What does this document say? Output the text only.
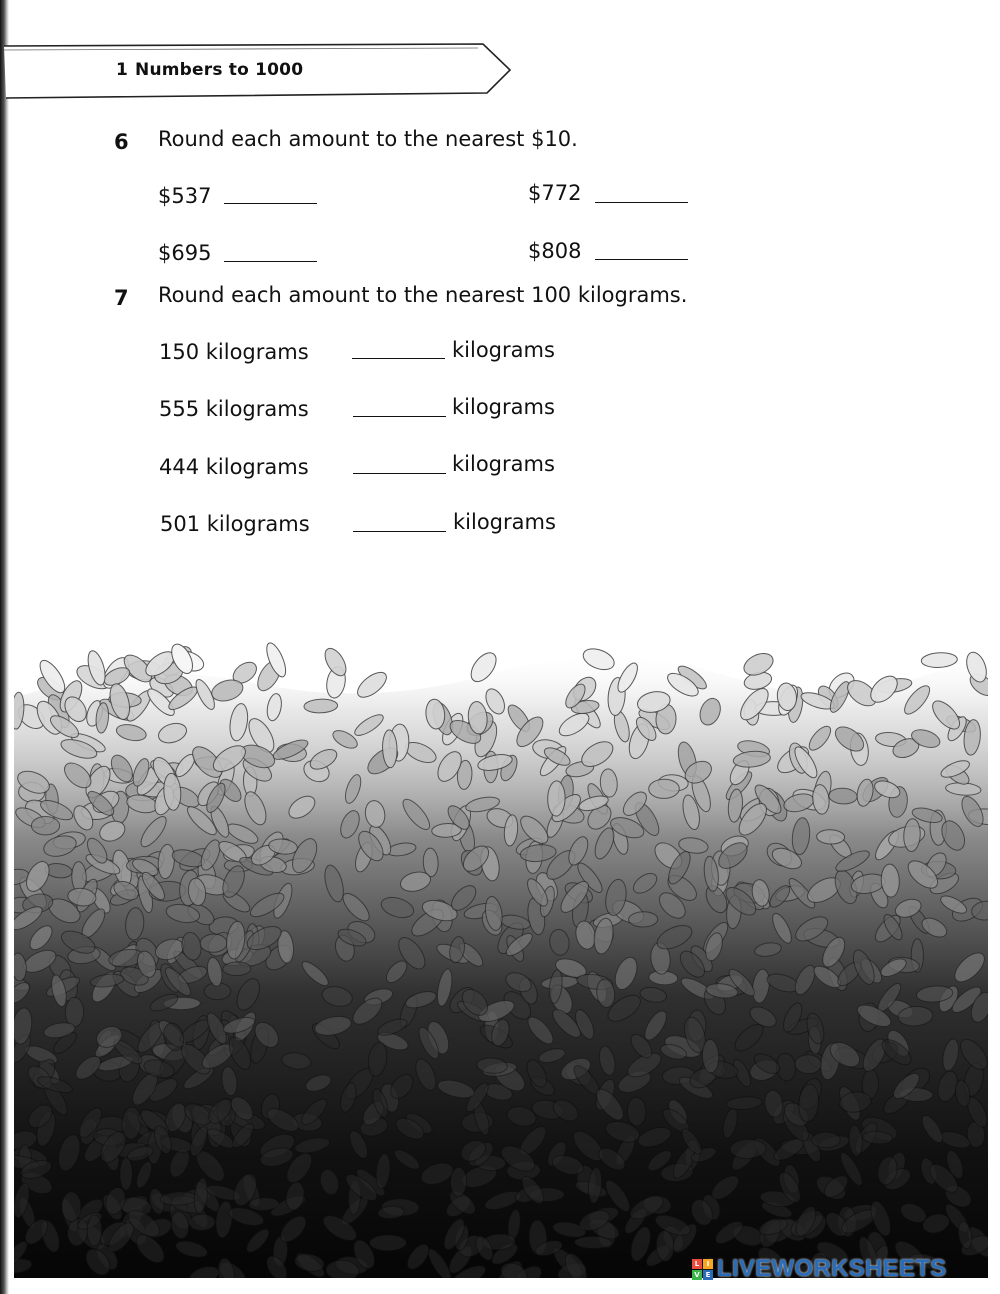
1 Numbers to 1000
6 Round each amount to the nearest $10.
$537	$772
$695	$808
7 Round each amount to the nearest 100 kilograms.
150 kilograms	kilograms
555 kilograms	kilograms
444 kilograms	kilograms
501 kilograms	kilograms
L	I
V E LIVEWORKSHEETS
